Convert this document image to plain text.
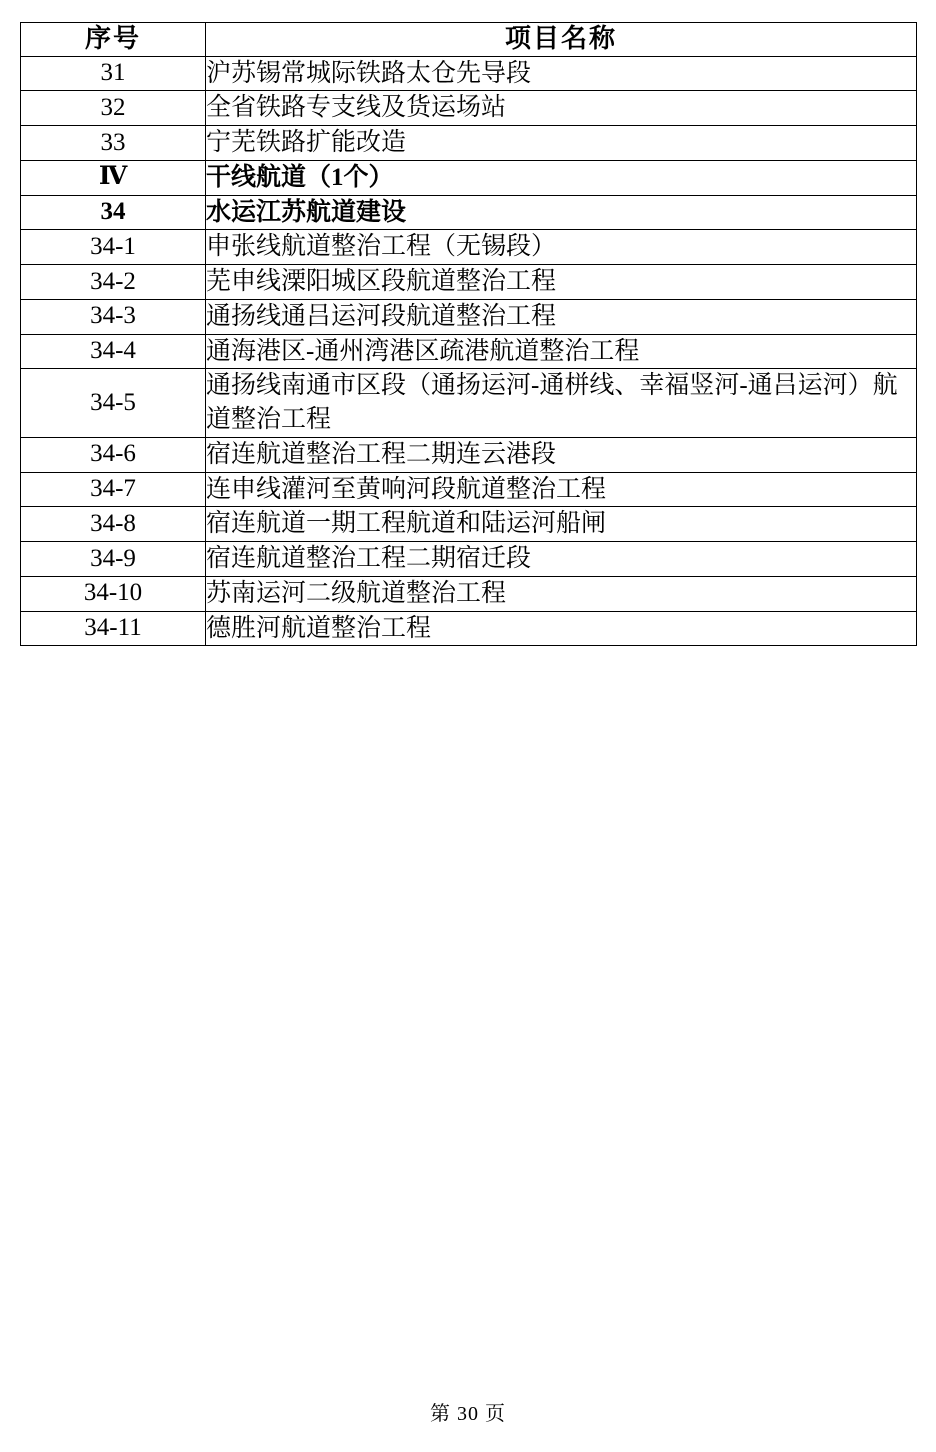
序号	项目名称
31	沪苏锡常城际铁路太仓先导段
32	全省铁路专支线及货运场站
33	宁芜铁路扩能改造
Ⅳ	干线航道（1个）
34	水运江苏航道建设
34-1	申张线航道整治工程（无锡段）
34-2	芜申线溧阳城区段航道整治工程
34-3	通扬线通吕运河段航道整治工程
34-4	通海港区-通州湾港区疏港航道整治工程
34-5	通扬线南通市区段（通扬运河-通栟线、幸福竖河-通吕运河）航道整治工程
34-6	宿连航道整治工程二期连云港段
34-7	连申线灌河至黄响河段航道整治工程
34-8	宿连航道一期工程航道和陆运河船闸
34-9	宿连航道整治工程二期宿迁段
34-10	苏南运河二级航道整治工程
34-11	德胜河航道整治工程
第 30 页
